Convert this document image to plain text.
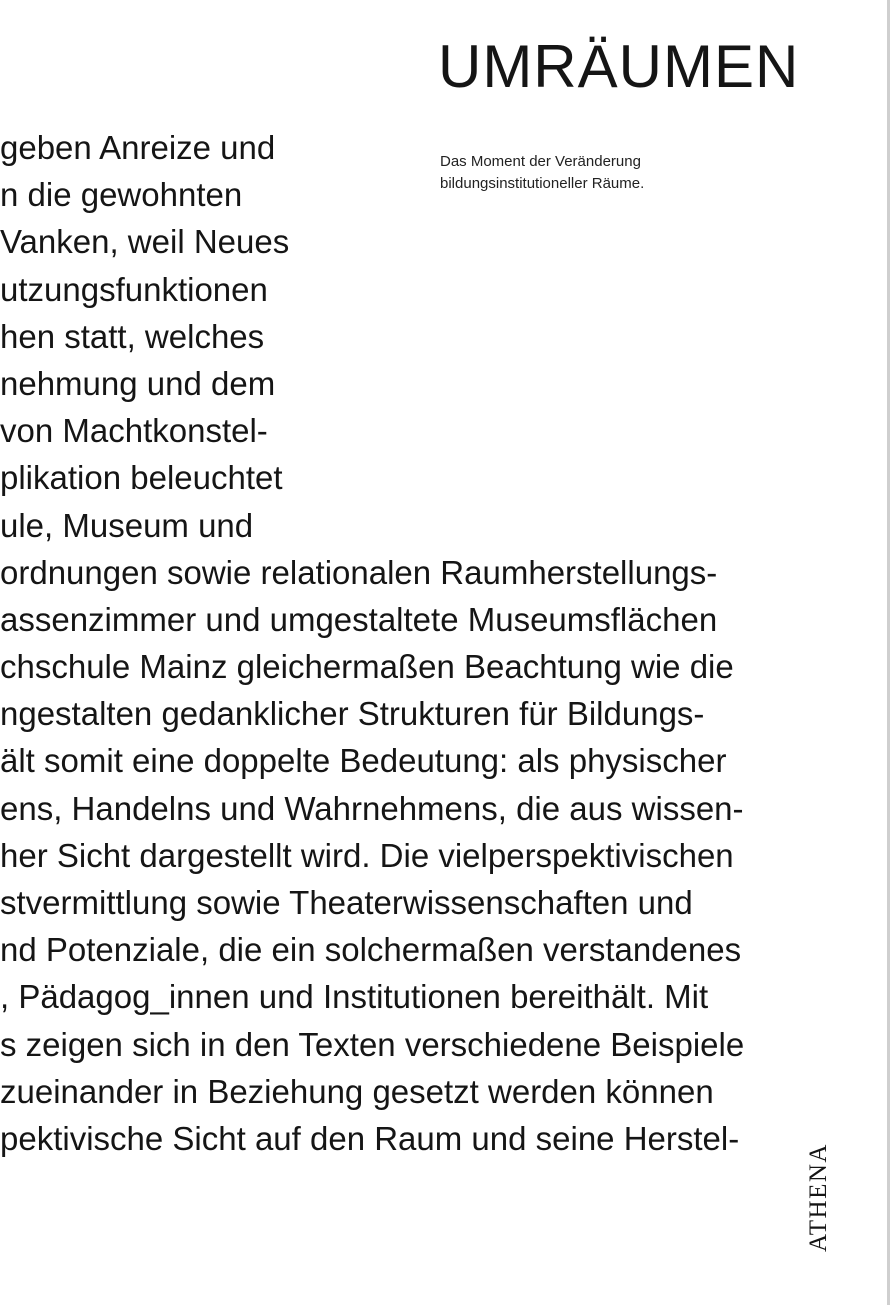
UMRÄUMEN
Das Moment der Veränderung
bildungsinstitutioneller Räume.
geben Anreize und
n die gewohnten
Vanken, weil Neues
utzungsfunktionen
hen statt, welches
nehmung und dem
von Machtkonstel-
plikation beleuchtet
ule, Museum und
ordnungen sowie relationalen Raumherstellungs-
assenzimmer und umgestaltete Museumsflächen
chschule Mainz gleichermaßen Beachtung wie die
ngestalten gedanklicher Strukturen für Bildungs-
ält somit eine doppelte Bedeutung: als physischer
ens, Handelns und Wahrnehmens, die aus wissen-
her Sicht dargestellt wird. Die vielperspektivischen
stvermittlung sowie Theaterwissenschaften und
nd Potenziale, die ein solchermaßen verstandenes
, Pädagog_innen und Institutionen bereithält. Mit
s zeigen sich in den Texten verschiedene Beispiele
zueinander in Beziehung gesetzt werden können
pektivische Sicht auf den Raum und seine Herstel-
ATHENA
